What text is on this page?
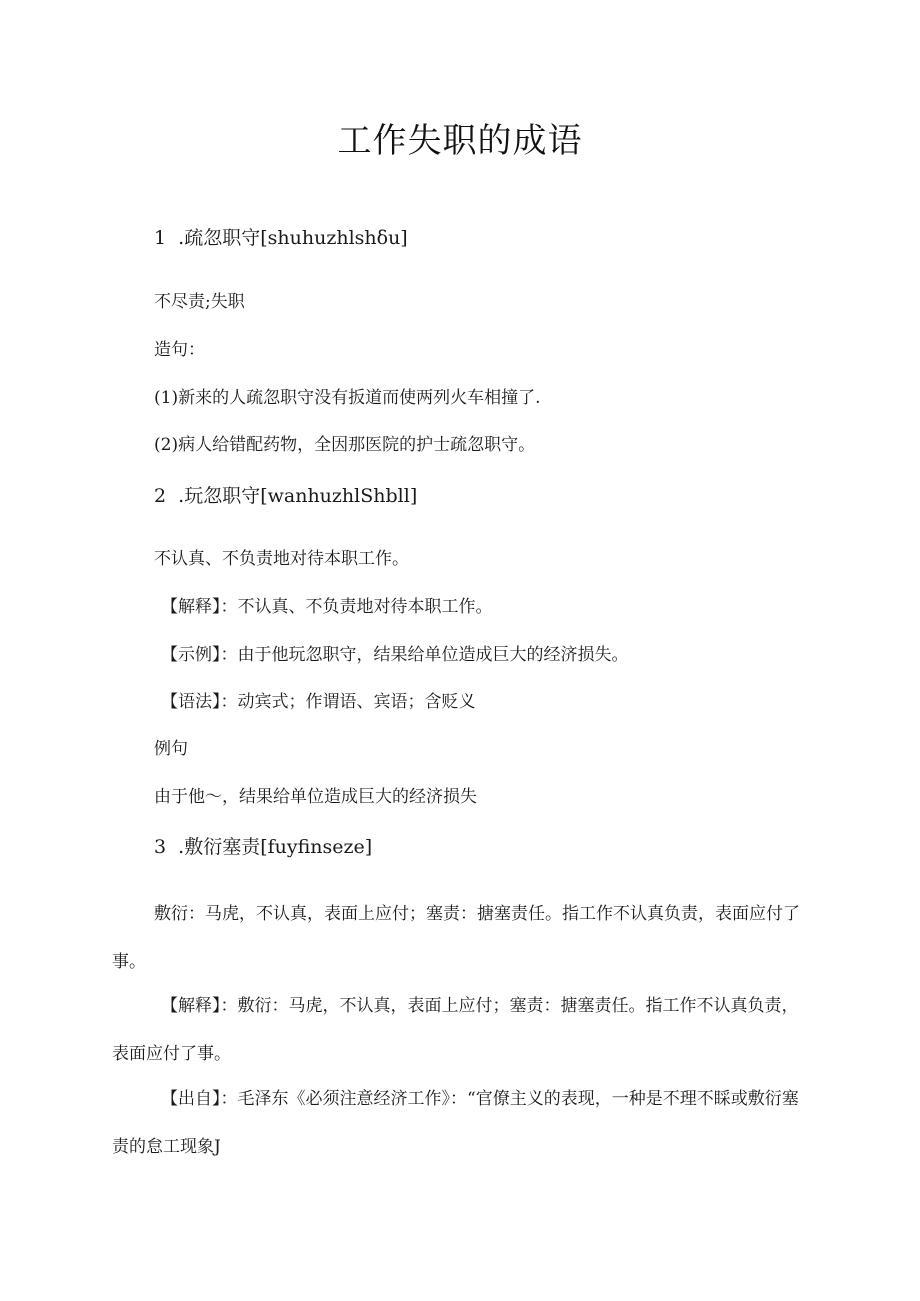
工作失职的成语
1  .疏忽职守[shuhuzhlshδu]
不尽责;失职
造句：
(1)新来的人疏忽职守没有扳道而使两列火车相撞了.
(2)病人给错配药物，全因那医院的护士疏忽职守。
2  .玩忽职守[wanhuzhlShbll]
不认真、不负责地对待本职工作。
【解释】：不认真、不负责地对待本职工作。
【示例】：由于他玩忽职守，结果给单位造成巨大的经济损失。
【语法】：动宾式；作谓语、宾语；含贬义
例句
由于他～，结果给单位造成巨大的经济损失
3  .敷衍塞责[fuyfinseze]
敷衍：马虎，不认真，表面上应付；塞责：搪塞责任。指工作不认真负责，表面应付了事。
【解释】：敷衍：马虎，不认真，表面上应付；塞责：搪塞责任。指工作不认真负责，表面应付了事。
【出自】：毛泽东《必须注意经济工作》：“官僚主义的表现，一种是不理不睬或敷衍塞责的怠工现象J
